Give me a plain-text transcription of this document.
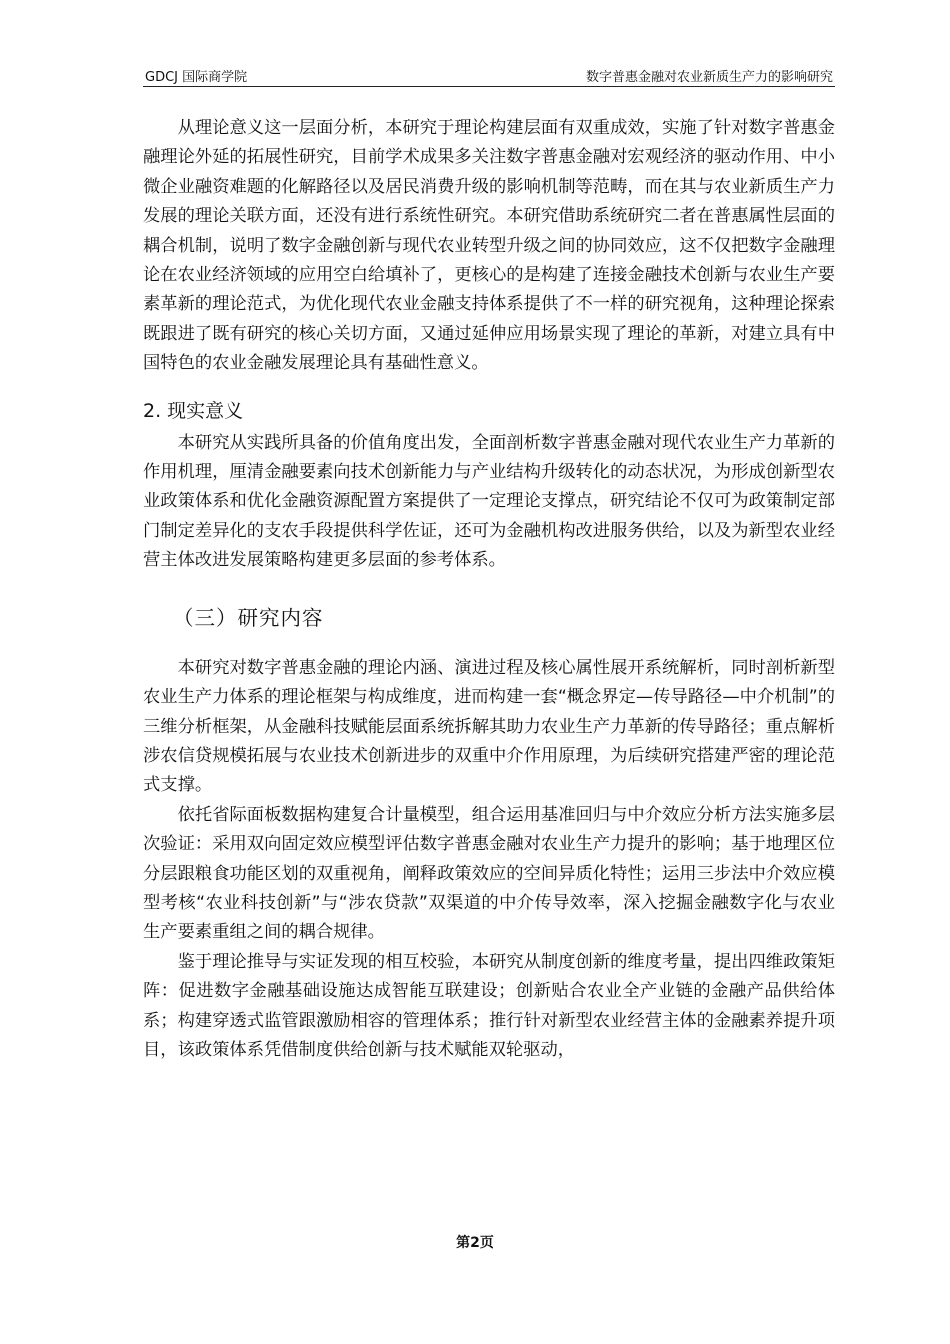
GDCJ 国际商学院	数字普惠金融对农业新质生产力的影响研究

从理论意义这一层面分析，本研究于理论构建层面有双重成效，实施了针对数字普惠金融理论外延的拓展性研究，目前学术成果多关注数字普惠金融对宏观经济的驱动作用、中小微企业融资难题的化解路径以及居民消费升级的影响机制等范畴，而在其与农业新质生产力发展的理论关联方面，还没有进行系统性研究。本研究借助系统研究二者在普惠属性层面的耦合机制，说明了数字金融创新与现代农业转型升级之间的协同效应，这不仅把数字金融理论在农业经济领域的应用空白给填补了，更核心的是构建了连接金融技术创新与农业生产要素革新的理论范式，为优化现代农业金融支持体系提供了不一样的研究视角，这种理论探索既跟进了既有研究的核心关切方面，又通过延伸应用场景实现了理论的革新，对建立具有中国特色的农业金融发展理论具有基础性意义。

2. 现实意义

本研究从实践所具备的价值角度出发，全面剖析数字普惠金融对现代农业生产力革新的作用机理，厘清金融要素向技术创新能力与产业结构升级转化的动态状况，为形成创新型农业政策体系和优化金融资源配置方案提供了一定理论支撑点，研究结论不仅可为政策制定部门制定差异化的支农手段提供科学佐证，还可为金融机构改进服务供给，以及为新型农业经营主体改进发展策略构建更多层面的参考体系。

（三）研究内容

本研究对数字普惠金融的理论内涵、演进过程及核心属性展开系统解析，同时剖析新型农业生产力体系的理论框架与构成维度，进而构建一套“概念界定—传导路径—中介机制”的三维分析框架，从金融科技赋能层面系统拆解其助力农业生产力革新的传导路径；重点解析涉农信贷规模拓展与农业技术创新进步的双重中介作用原理，为后续研究搭建严密的理论范式支撑。

依托省际面板数据构建复合计量模型，组合运用基准回归与中介效应分析方法实施多层次验证：采用双向固定效应模型评估数字普惠金融对农业生产力提升的影响；基于地理区位分层跟粮食功能区划的双重视角，阐释政策效应的空间异质化特性；运用三步法中介效应模型考核“农业科技创新”与“涉农贷款”双渠道的中介传导效率，深入挖掘金融数字化与农业生产要素重组之间的耦合规律。

鉴于理论推导与实证发现的相互校验，本研究从制度创新的维度考量，提出四维政策矩阵：促进数字金融基础设施达成智能互联建设；创新贴合农业全产业链的金融产品供给体系；构建穿透式监管跟激励相容的管理体系；推行针对新型农业经营主体的金融素养提升项目，该政策体系凭借制度供给创新与技术赋能双轮驱动，

第2页
